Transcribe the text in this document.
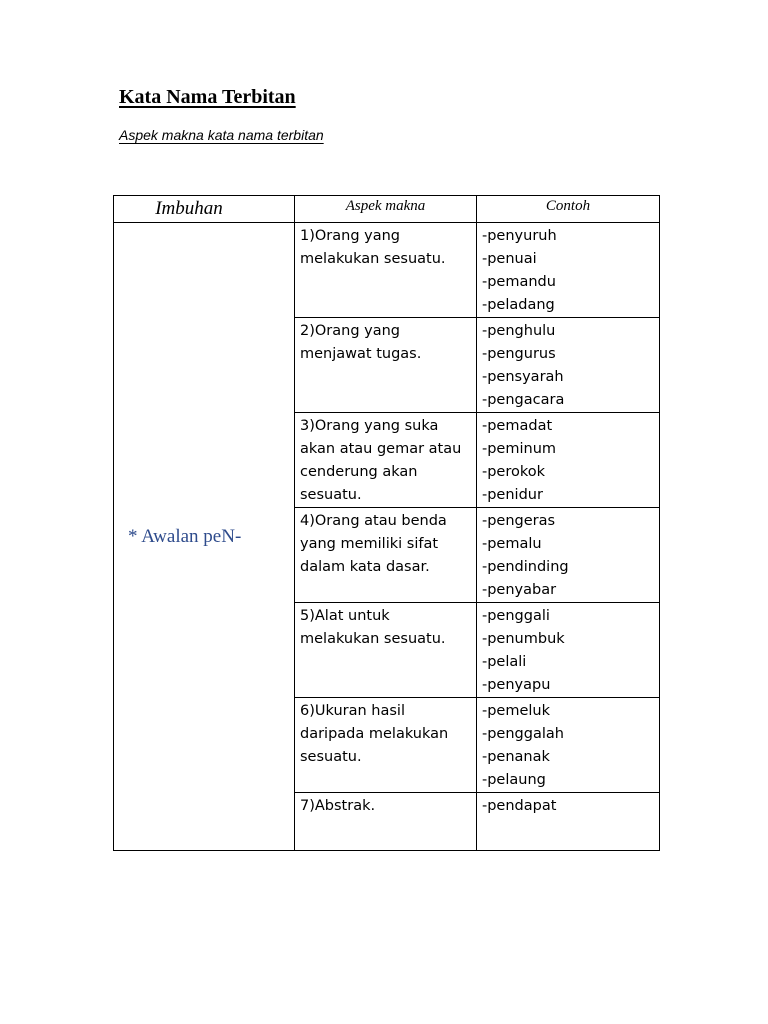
Kata Nama Terbitan

Aspek makna kata nama terbitan

Imbuhan	Aspek makna	Contoh
* Awalan peN-	1)Orang yang melakukan sesuatu.	-penyuruh
-penuai
-pemandu
-peladang

	2)Orang yang menjawat tugas.	-penghulu
-pengurus
-pensyarah
-pengacara

	3)Orang yang suka akan atau gemar atau cenderung akan sesuatu.	-pemadat
-peminum
-perokok
-penidur

	4)Orang atau benda yang memiliki sifat dalam kata dasar.	-pengeras
-pemalu
-pendinding
-penyabar

	5)Alat untuk melakukan sesuatu.	-penggali
-penumbuk
-pelali
-penyapu

	6)Ukuran hasil daripada melakukan sesuatu.	-pemeluk
-penggalah
-penanak
-pelaung

	7)Abstrak.	-pendapat
